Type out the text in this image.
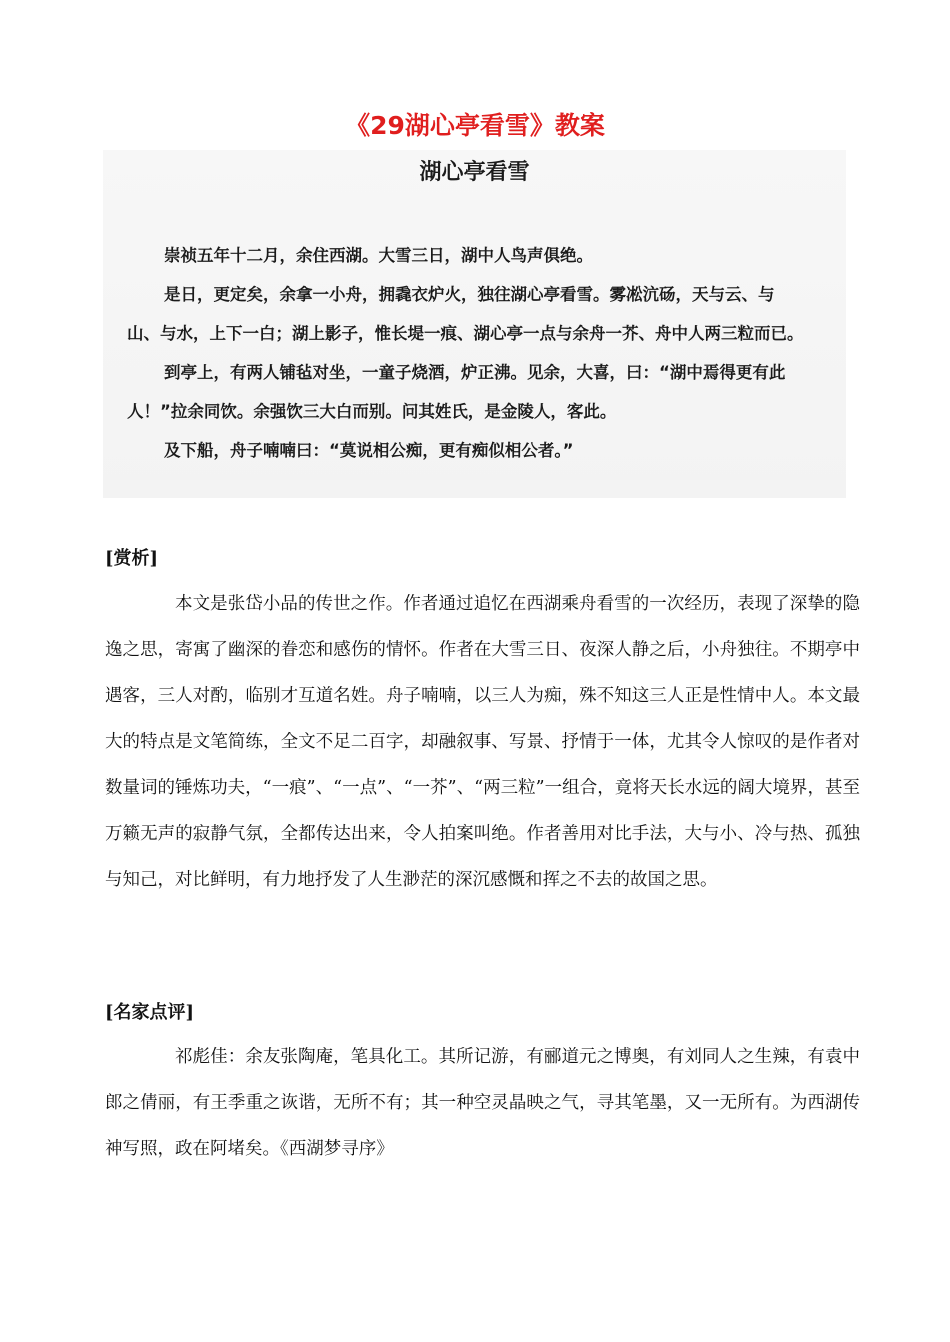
《29湖心亭看雪》教案
湖心亭看雪

崇祯五年十二月，余住西湖。大雪三日，湖中人鸟声俱绝。

是日，更定矣，余拿一小舟，拥毳衣炉火，独往湖心亭看雪。雾凇沆砀，天与云、与山、与水，上下一白；湖上影子，惟长堤一痕、湖心亭一点与余舟一芥、舟中人两三粒而已。

到亭上，有两人铺毡对坐，一童子烧酒，炉正沸。见余，大喜，曰：“湖中焉得更有此人！”拉余同饮。余强饮三大白而别。问其姓氏，是金陵人，客此。

及下船，舟子喃喃曰：“莫说相公痴，更有痴似相公者。”

[赏析]

本文是张岱小品的传世之作。作者通过追忆在西湖乘舟看雪的一次经历，表现了深挚的隐逸之思，寄寓了幽深的眷恋和感伤的情怀。作者在大雪三日、夜深人静之后，小舟独往。不期亭中遇客，三人对酌，临别才互道名姓。舟子喃喃，以三人为痴，殊不知这三人正是性情中人。本文最大的特点是文笔简练，全文不足二百字，却融叙事、写景、抒情于一体，尤其令人惊叹的是作者对数量词的锤炼功夫，“一痕”、“一点”、“一芥”、“两三粒”一组合，竟将天长水远的阔大境界，甚至万籁无声的寂静气氛，全都传达出来，令人拍案叫绝。作者善用对比手法，大与小、冷与热、孤独与知己，对比鲜明，有力地抒发了人生渺茫的深沉感慨和挥之不去的故国之思。

[名家点评]

祁彪佳：余友张陶庵，笔具化工。其所记游，有郦道元之博奥，有刘同人之生辣，有袁中郎之倩丽，有王季重之诙谐，无所不有；其一种空灵晶映之气，寻其笔墨，又一无所有。为西湖传神写照，政在阿堵矣。《西湖梦寻序》
